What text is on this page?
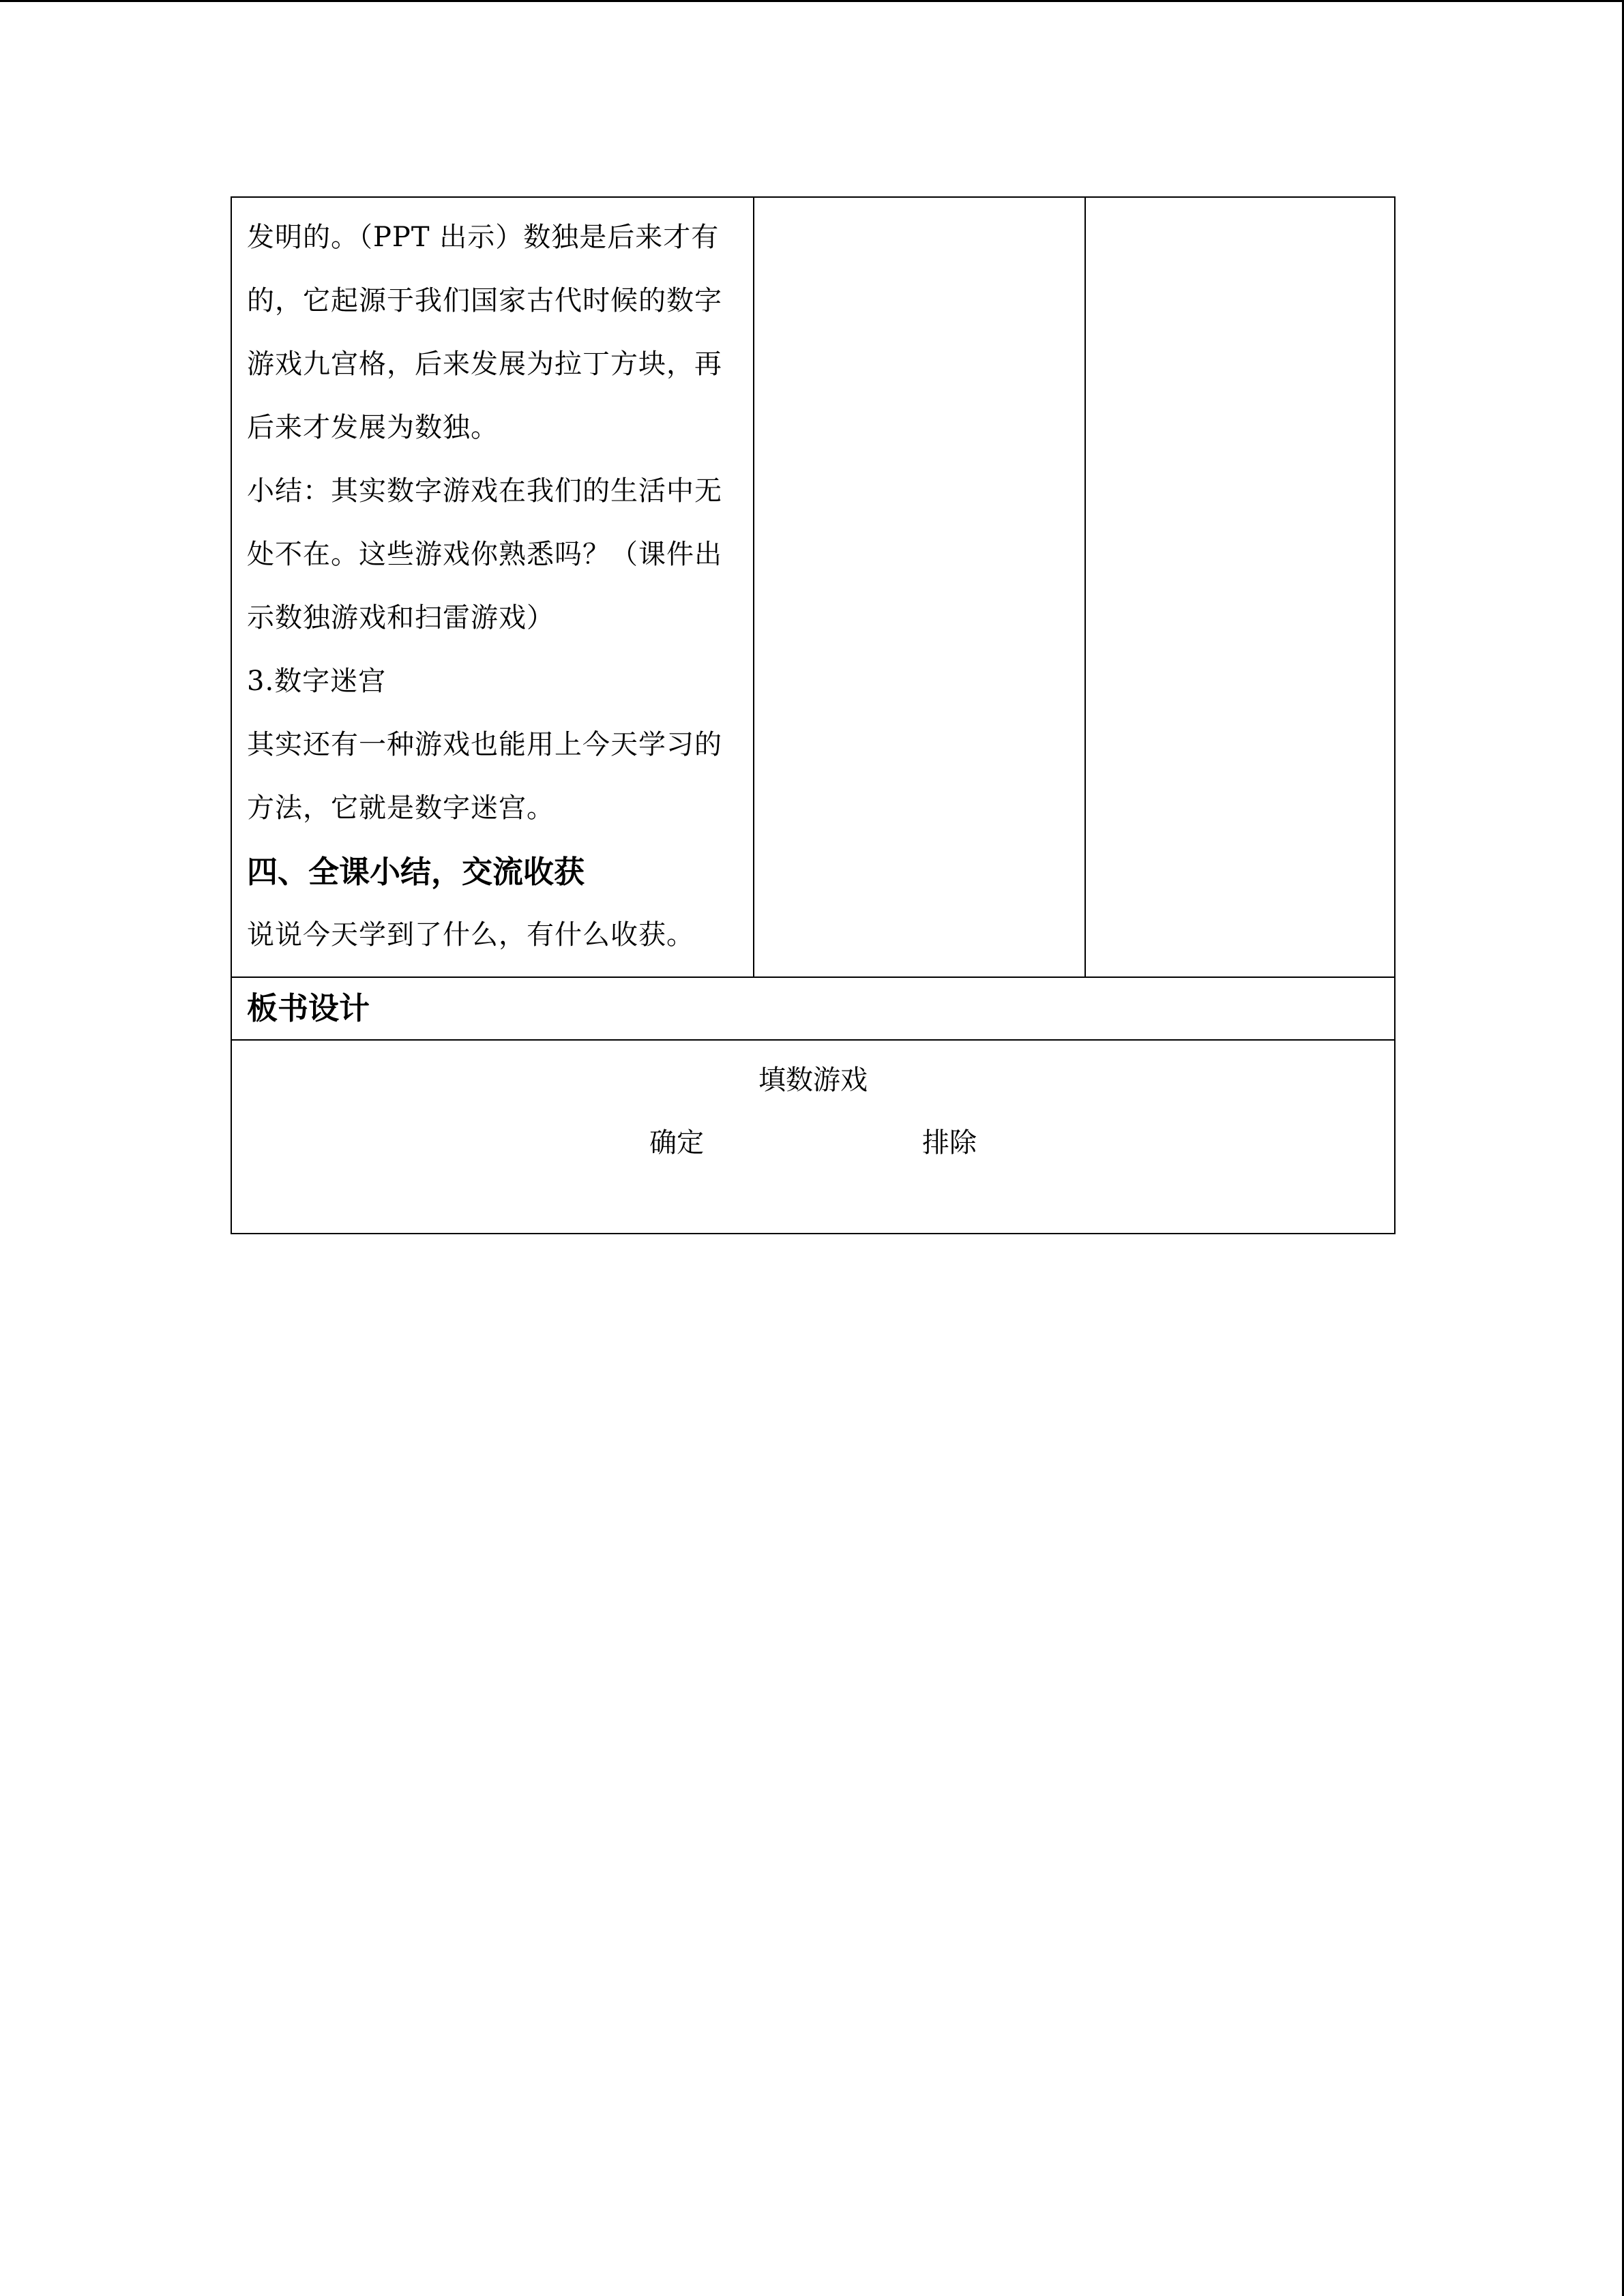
发明的。（PPT 出示）数独是后来才有
的，它起源于我们国家古代时候的数字
游戏九宫格，后来发展为拉丁方块，再
后来才发展为数独。
小结：其实数字游戏在我们的生活中无
处不在。这些游戏你熟悉吗？（课件出
示数独游戏和扫雷游戏）
3.数字迷宫
其实还有一种游戏也能用上今天学习的
方法，它就是数字迷宫。
四、全课小结，交流收获
说说今天学到了什么，有什么收获。

板书设计

填数游戏
确定	排除
